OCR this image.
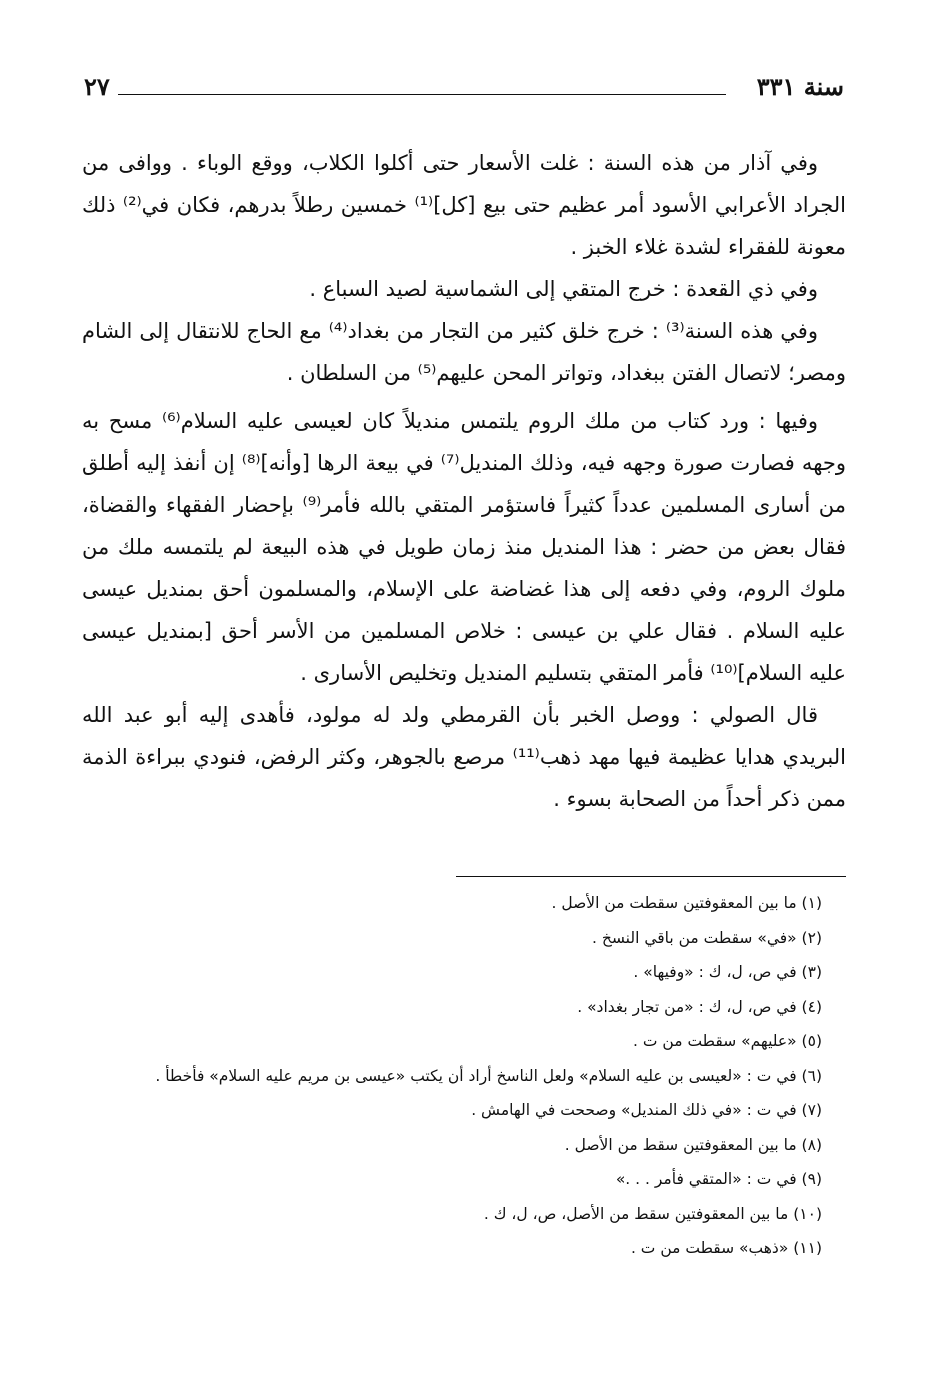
سنة ٣٣١
٢٧

وفي آذار من هذه السنة : غلت الأسعار حتى أكلوا الكلاب، ووقع الوباء . ووافى من الجراد الأعرابي الأسود أمر عظيم حتى بيع [كل]⁽¹⁾ خمسين رطلاً بدرهم، فكان في⁽²⁾ ذلك معونة للفقراء لشدة غلاء الخبز .

وفي ذي القعدة : خرج المتقي إلى الشماسية لصيد السباع .

وفي هذه السنة⁽³⁾ : خرج خلق كثير من التجار من بغداد⁽⁴⁾ مع الحاج للانتقال إلى الشام ومصر؛ لاتصال الفتن ببغداد، وتواتر المحن عليهم⁽⁵⁾ من السلطان .

وفيها : ورد كتاب من ملك الروم يلتمس منديلاً كان لعيسى عليه السلام⁽⁶⁾ مسح به وجهه فصارت صورة وجهه فيه، وذلك المنديل⁽⁷⁾ في بيعة الرها [وأنه]⁽⁸⁾ إن أنفذ إليه أطلق من أسارى المسلمين عدداً كثيراً فاستؤمر المتقي بالله فأمر⁽⁹⁾ بإحضار الفقهاء والقضاة، فقال بعض من حضر : هذا المنديل منذ زمان طويل في هذه البيعة لم يلتمسه ملك من ملوك الروم، وفي دفعه إلى هذا غضاضة على الإسلام، والمسلمون أحق بمنديل عيسى عليه السلام . فقال علي بن عيسى : خلاص المسلمين من الأسر أحق [بمنديل عيسى عليه السلام]⁽¹⁰⁾ فأمر المتقي بتسليم المنديل وتخليص الأسارى .

قال الصولي : ووصل الخبر بأن القرمطي ولد له مولود، فأهدى إليه أبو عبد الله البريدي هدايا عظيمة فيها مهد ذهب⁽¹¹⁾ مرصع بالجوهر، وكثر الرفض، فنودي ببراءة الذمة ممن ذكر أحداً من الصحابة بسوء .

(١) ما بين المعقوفتين سقطت من الأصل .
(٢) «في» سقطت من باقي النسخ .
(٣) في ص، ل، ك : «وفيها» .
(٤) في ص، ل، ك : «من تجار بغداد» .
(٥) «عليهم» سقطت من ت .
(٦) في ت : «لعيسى بن عليه السلام» ولعل الناسخ أراد أن يكتب «عيسى بن مريم عليه السلام» فأخطأ .
(٧) في ت : «في ذلك المنديل» وصححت في الهامش .
(٨) ما بين المعقوفتين سقط من الأصل .
(٩) في ت : «المتقي فأمر . . .»
(١٠) ما بين المعقوفتين سقط من الأصل، ص، ل، ك .
(١١) «ذهب» سقطت من ت .
